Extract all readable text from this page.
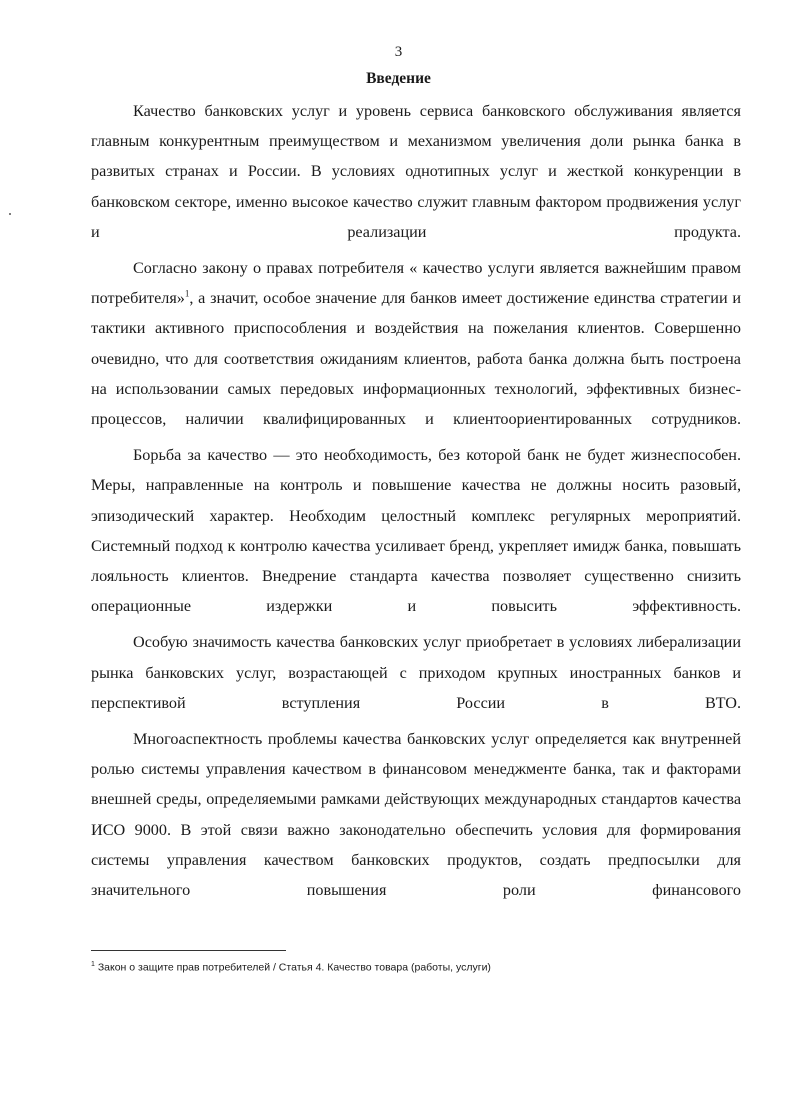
3
Введение

Качество банковских услуг и уровень сервиса банковского обслуживания является главным конкурентным преимуществом и механизмом увеличения доли рынка банка в развитых странах и России. В условиях однотипных услуг и жесткой конкуренции в банковском секторе, именно высокое качество служит главным фактором продвижения услуг и реализации продукта.

Согласно закону о правах потребителя « качество услуги является важнейшим правом потребителя»$^1$, а значит, особое значение для банков имеет достижение единства стратегии и тактики активного приспособления и воздействия на пожелания клиентов. Совершенно очевидно, что для соответствия ожиданиям клиентов, работа банка должна быть построена на использовании самых передовых информационных технологий, эффективных бизнес-процессов, наличии квалифицированных и клиентоориентированных сотрудников.

Борьба за качество — это необходимость, без которой банк не будет жизнеспособен. Меры, направленные на контроль и повышение качества не должны носить разовый, эпизодический характер. Необходим целостный комплекс регулярных мероприятий. Системный подход к контролю качества усиливает бренд, укрепляет имидж банка, повышать лояльность клиентов. Внедрение стандарта качества позволяет существенно снизить операционные издержки и повысить	эффективность.

Особую значимость качества банковских услуг приобретает в условиях либерализации рынка банковских услуг, возрастающей с приходом крупных иностранных банков и перспективой вступления России в ВТО.

Многоаспектность проблемы качества банковских услуг определяется как внутренней ролью системы управления качеством в финансовом менеджменте банка, так и факторами внешней среды, определяемыми рамками действующих международных стандартов качества ИСО 9000. В этой связи важно законодательно обеспечить условия для формирования системы управления качеством банковских продуктов, создать предпосылки для значительного повышения роли финансового

$^1$ Закон о защите прав потребителей / Статья 4. Качество товара (работы, услуги)
